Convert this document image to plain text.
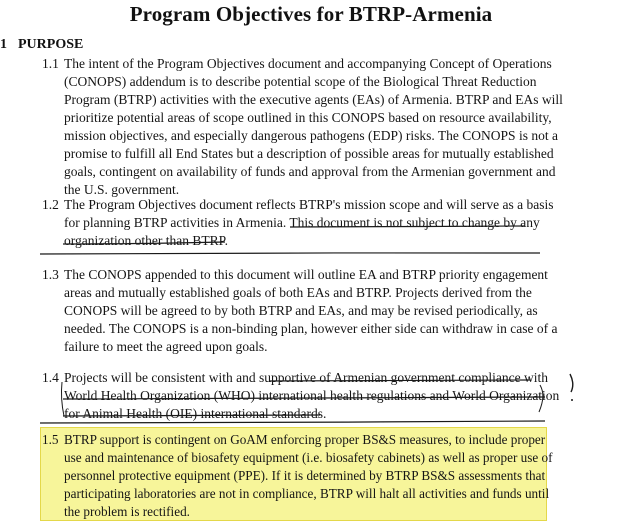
Program Objectives for BTRP-Armenia
1 PURPOSE
1.1 The intent of the Program Objectives document and accompanying Concept of Operations
(CONOPS) addendum is to describe potential scope of the Biological Threat Reduction
Program (BTRP) activities with the executive agents (EAs) of Armenia. BTRP and EAs will
prioritize potential areas of scope outlined in this CONOPS based on resource availability,
mission objectives, and especially dangerous pathogens (EDP) risks. The CONOPS is not a
promise to fulfill all End States but a description of possible areas for mutually established
goals, contingent on availability of funds and approval from the Armenian government and
the U.S. government.
1.2 The Program Objectives document reflects BTRP's mission scope and will serve as a basis
for planning BTRP activities in Armenia. This document is not subject to change by any
organization other than BTRP.
1.3 The CONOPS appended to this document will outline EA and BTRP priority engagement
areas and mutually established goals of both EAs and BTRP. Projects derived from the
CONOPS will be agreed to by both BTRP and EAs, and may be revised periodically, as
needed. The CONOPS is a non-binding plan, however either side can withdraw in case of a
failure to meet the agreed upon goals.
1.4 Projects will be consistent with and supportive of Armenian government compliance with
World Health Organization (WHO) international health regulations and World Organization
for Animal Health (OIE) international standards.
1.5 BTRP support is contingent on GoAM enforcing proper BS&S measures, to include proper
use and maintenance of biosafety equipment (i.e. biosafety cabinets) as well as proper use of
personnel protective equipment (PPE). If it is determined by BTRP BS&S assessments that
participating laboratories are not in compliance, BTRP will halt all activities and funds until
the problem is rectified.
